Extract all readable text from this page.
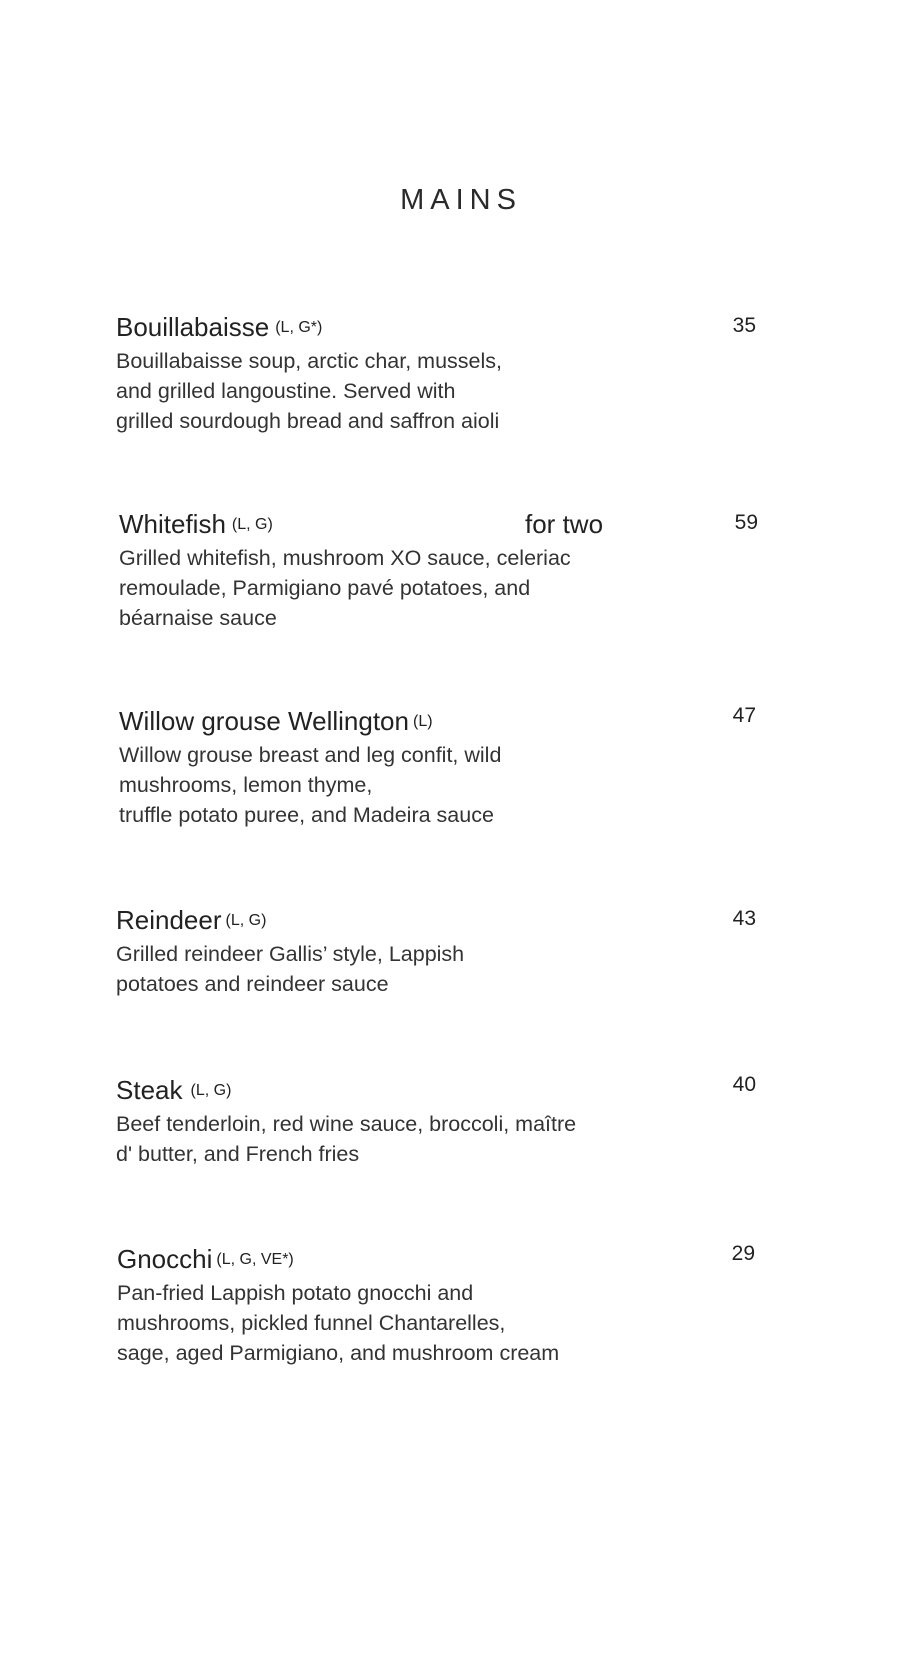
MAINS
Bouillabaisse (L, G*)	35
Bouillabaisse soup, arctic char, mussels,
and grilled langoustine. Served with
grilled sourdough bread and saffron aioli
Whitefish (L, G)	for two	59
Grilled whitefish, mushroom XO sauce, celeriac
remoulade, Parmigiano pavé potatoes, and
béarnaise sauce
Willow grouse Wellington (L)	47
Willow grouse breast and leg confit, wild
mushrooms, lemon thyme,
truffle potato puree, and Madeira sauce
Reindeer (L, G)	43
Grilled reindeer Gallis’ style, Lappish
potatoes and reindeer sauce
Steak (L, G)	40
Beef tenderloin, red wine sauce, broccoli, maître
d' butter, and French fries
Gnocchi (L, G, VE*)	29
Pan-fried Lappish potato gnocchi and
mushrooms, pickled funnel Chantarelles,
sage, aged Parmigiano, and mushroom cream
